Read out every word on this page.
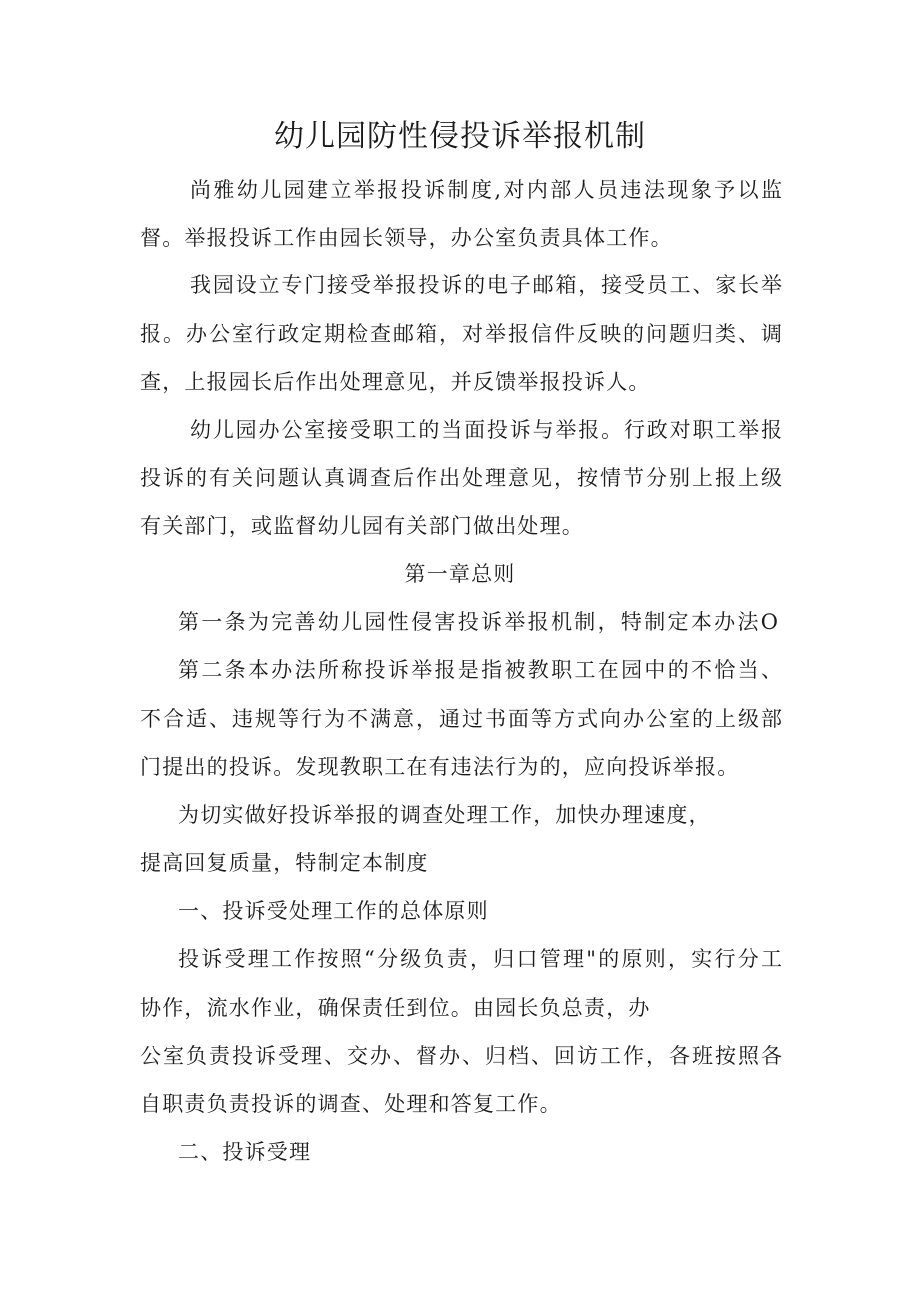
幼儿园防性侵投诉举报机制
尚雅幼儿园建立举报投诉制度,对内部人员违法现象予以监
督。举报投诉工作由园长领导，办公室负责具体工作。
我园设立专门接受举报投诉的电子邮箱，接受员工、家长举
报。办公室行政定期检查邮箱，对举报信件反映的问题归类、调
查，上报园长后作出处理意见，并反馈举报投诉人。
幼儿园办公室接受职工的当面投诉与举报。行政对职工举报
投诉的有关问题认真调查后作出处理意见，按情节分别上报上级
有关部门，或监督幼儿园有关部门做出处理。
第一章总则
第一条为完善幼儿园性侵害投诉举报机制，特制定本办法O
第二条本办法所称投诉举报是指被教职工在园中的不恰当、
不合适、违规等行为不满意，通过书面等方式向办公室的上级部
门提出的投诉。发现教职工在有违法行为的，应向投诉举报。
为切实做好投诉举报的调查处理工作，加快办理速度，
提高回复质量，特制定本制度
一、投诉受处理工作的总体原则
投诉受理工作按照“分级负责，归口管理"的原则，实行分工
协作，流水作业，确保责任到位。由园长负总责，办
公室负责投诉受理、交办、督办、归档、回访工作，各班按照各
自职责负责投诉的调查、处理和答复工作。
二、投诉受理
